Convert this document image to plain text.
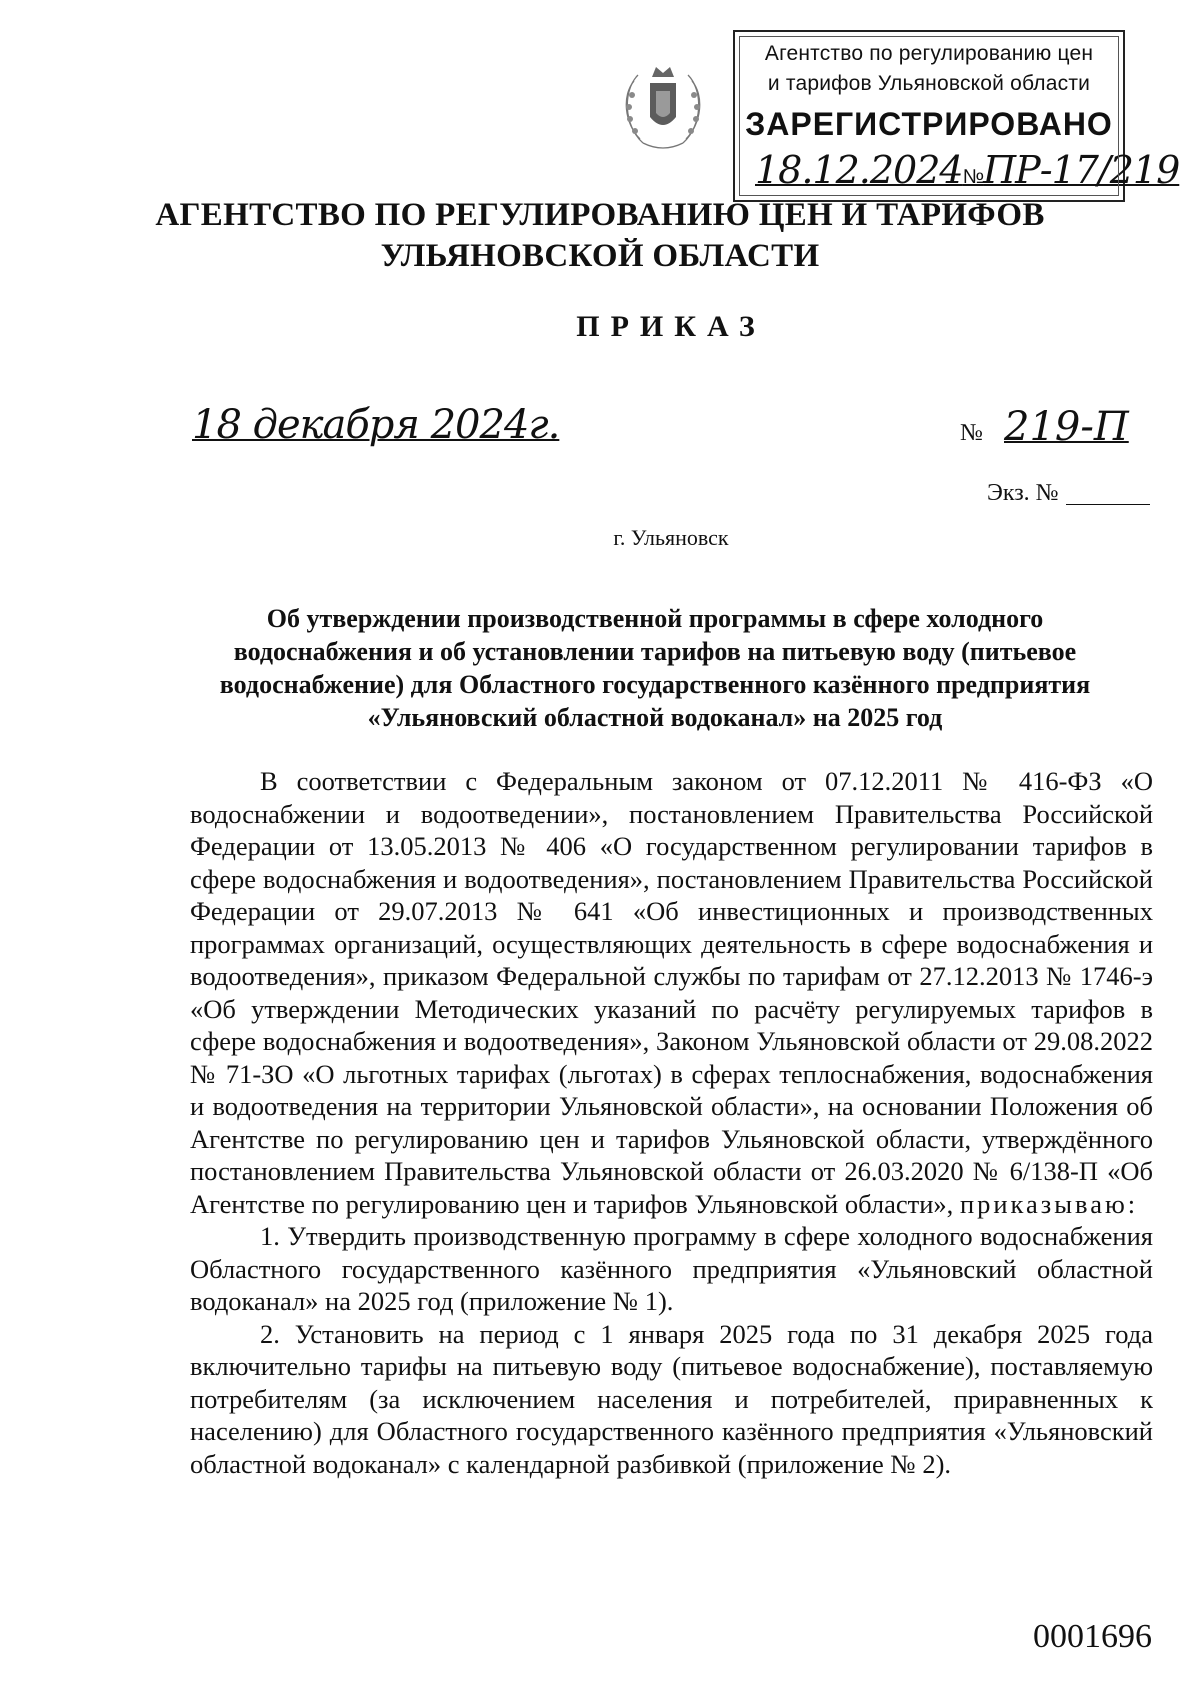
Агентство по регулированию цен
и тарифов Ульяновской области
ЗАРЕГИСТРИРОВАНО
18.12.2024№ПР-17/219
АГЕНТСТВО ПО РЕГУЛИРОВАНИЮ ЦЕН И ТАРИФОВ
УЛЬЯНОВСКОЙ ОБЛАСТИ
ПРИКАЗ
18 декабря 2024г.	№ 219-П
Экз. №
г. Ульяновск
Об утверждении производственной программы в сфере холодного водоснабжения и об установлении тарифов на питьевую воду (питьевое водоснабжение) для Областного государственного казённого предприятия «Ульяновский областной водоканал» на 2025 год

В соответствии с Федеральным законом от 07.12.2011 № 416-ФЗ «О водоснабжении и водоотведении», постановлением Правительства Российской Федерации от 13.05.2013 № 406 «О государственном регулировании тарифов в сфере водоснабжения и водоотведения», постановлением Правительства Российской Федерации от 29.07.2013 № 641 «Об инвестиционных и производственных программах организаций, осуществляющих деятельность в сфере водоснабжения и водоотведения», приказом Федеральной службы по тарифам от 27.12.2013 № 1746-э «Об утверждении Методических указаний по расчёту регулируемых тарифов в сфере водоснабжения и водоотведения», Законом Ульяновской области от 29.08.2022 № 71-ЗО «О льготных тарифах (льготах) в сферах теплоснабжения, водоснабжения и водоотведения на территории Ульяновской области», на основании Положения об Агентстве по регулированию цен и тарифов Ульяновской области, утверждённого постановлением Правительства Ульяновской области от 26.03.2020 № 6/138-П «Об Агентстве по регулированию цен и тарифов Ульяновской области», приказываю:

1. Утвердить производственную программу в сфере холодного водоснабжения Областного государственного казённого предприятия «Ульяновский областной водоканал» на 2025 год (приложение № 1).

2. Установить на период с 1 января 2025 года по 31 декабря 2025 года включительно тарифы на питьевую воду (питьевое водоснабжение), поставляемую потребителям (за исключением населения и потребителей, приравненных к населению) для Областного государственного казённого предприятия «Ульяновский областной водоканал» с календарной разбивкой (приложение № 2).

0001696
